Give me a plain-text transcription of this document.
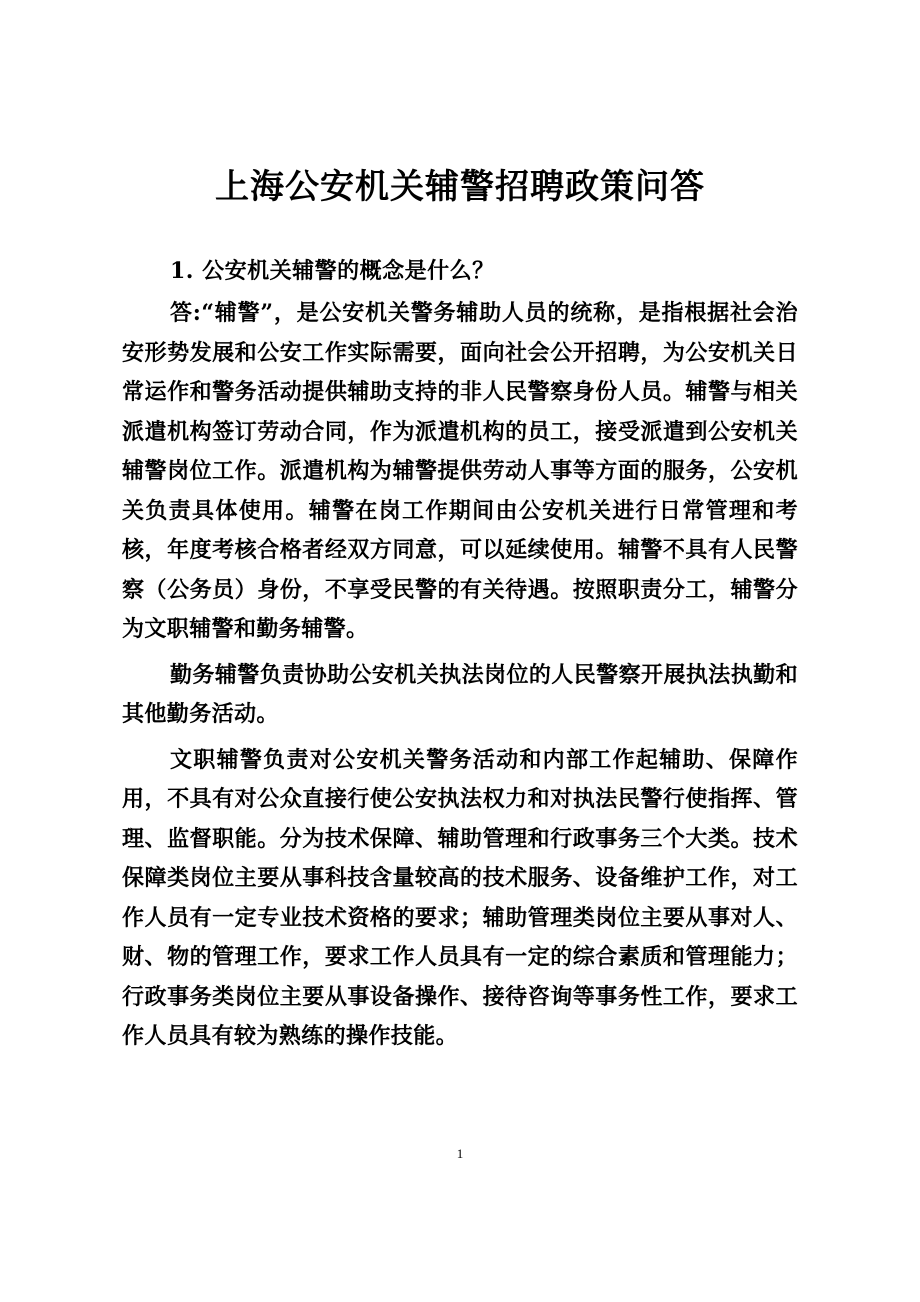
上海公安机关辅警招聘政策问答

1. 公安机关辅警的概念是什么？

答:“辅警”，是公安机关警务辅助人员的统称，是指根据社会治安形势发展和公安工作实际需要，面向社会公开招聘，为公安机关日常运作和警务活动提供辅助支持的非人民警察身份人员。辅警与相关派遣机构签订劳动合同，作为派遣机构的员工，接受派遣到公安机关辅警岗位工作。派遣机构为辅警提供劳动人事等方面的服务，公安机关负责具体使用。辅警在岗工作期间由公安机关进行日常管理和考核，年度考核合格者经双方同意，可以延续使用。辅警不具有人民警察（公务员）身份，不享受民警的有关待遇。按照职责分工，辅警分为文职辅警和勤务辅警。

勤务辅警负责协助公安机关执法岗位的人民警察开展执法执勤和其他勤务活动。

文职辅警负责对公安机关警务活动和内部工作起辅助、保障作用，不具有对公众直接行使公安执法权力和对执法民警行使指挥、管理、监督职能。分为技术保障、辅助管理和行政事务三个大类。技术保障类岗位主要从事科技含量较高的技术服务、设备维护工作，对工作人员有一定专业技术资格的要求；辅助管理类岗位主要从事对人、财、物的管理工作，要求工作人员具有一定的综合素质和管理能力；行政事务类岗位主要从事设备操作、接待咨询等事务性工作，要求工作人员具有较为熟练的操作技能。

1
